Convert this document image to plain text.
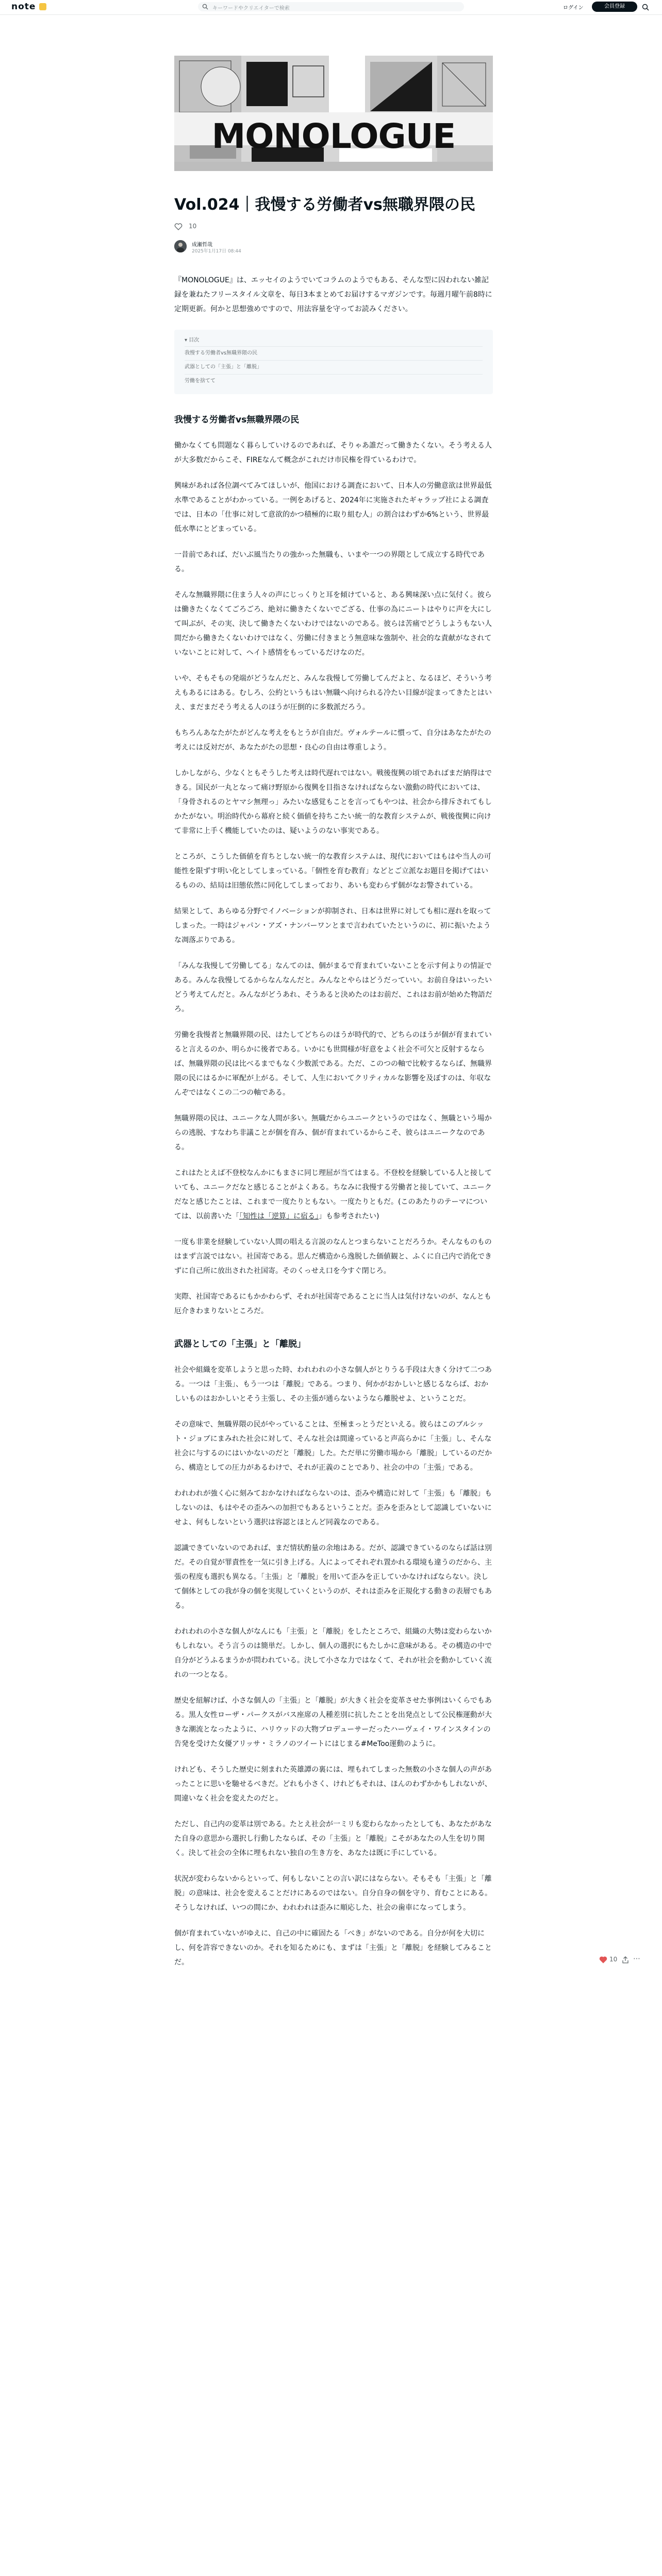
note	キーワードやクリエイターで検索	ログイン	会員登録
MONOLOGUE
Vol.024｜我慢する労働者vs無職界隈の民
10
成瀬哲哉
2025年1月17日 08:44
『MONOLOGUE』は、エッセイのようでいてコラムのようでもある、そんな型に囚われない雑記録を兼ねたフリースタイル文章を、毎日3本まとめてお届けするマガジンです。毎週月曜午前8時に定期更新。何かと思想強めですので、用法容量を守ってお読みください。
▾ 目次
我慢する労働者vs無職界隈の民
武器としての「主張」と「離脱」
労働を捨てて
我慢する労働者vs無職界隈の民
働かなくても問題なく暮らしていけるのであれば、そりゃあ誰だって働きたくない。そう考える人が大多数だからこそ、FIREなんて概念がこれだけ市民権を得ているわけで。
興味があれば各位調べてみてほしいが、他国における調査において、日本人の労働意欲は世界最低水準であることがわかっている。一例をあげると、2024年に実施されたギャラップ社による調査では、日本の「仕事に対して意欲的かつ積極的に取り組む人」の割合はわずか6%という、世界最低水準にとどまっている。
一昔前であれば、だいぶ風当たりの強かった無職も、いまや一つの界隈として成立する時代である。
そんな無職界隈に住まう人々の声にじっくりと耳を傾けていると、ある興味深い点に気付く。彼らは働きたくなくてごろごろ、絶対に働きたくないでござる、仕事の為にニートはやりに声を大にして叫ぶが、その実、決して働きたくないわけではないのである。彼らは苦痛でどうしようもない人間だから働きたくないわけではなく、労働に付きまとう無意味な強制や、社会的な責献がなされていないことに対して、ヘイト感情をもっているだけなのだ。
いや、そもそもの発端がどうなんだと、みんな我慢して労働してんだよと、なるほど、そういう考えもあるにはある。むしろ、公約というもはい無職へ向けられる冷たい目線が淀まってきたとはいえ、まだまだそう考える人のほうが圧倒的に多数派だろう。
もちろんあなたがたがどんな考えをもとうが自由だ。ヴォルテールに慣って、自分はあなたがたの考えには反対だが、あなたがたの思想・良心の自由は尊重しよう。
しかしながら、少なくともそうした考えは時代遅れではない。戦後復興の頃であればまだ納得はできる。国民が一丸となって痛け野原から復興を目指さなければならない激動の時代においては、「身骨されるのとヤマシ無理っ」みたいな感覚もことを言ってもやつは、社会から排斥されてもしかたがない。明治時代から幕府と続く価値を持ちこたい統一的な教育システムが、戦後復興に向けて非常に上手く機能していたのは、疑いようのない事実である。
ところが、こうした価値を育ちとしない統一的な教育システムは、現代においてはもはや当人の可能性を限ずす明い化としてしまっている。「個性を育む教育」などとご立派なお題目を掲げてはいるものの、結局は旧態依然に同化してしまっており、あいも変わらず個がなお警されている。
結果として、あらゆる分野でイノベーションが抑制され、日本は世界に対しても相に遅れを取ってしまった。一時はジャパン・アズ・ナンバーワンとまで言われていたというのに、初に振いたような凋落ぶりである。
「みんな我慢して労働してる」なんてのは、個がまるで育まれていないことを示す何よりの情証である。みんな我慢してるからなんなんだと。みんなとやらはどうだっていい。お前自身はいったいどう考えてんだと。みんながどうあれ、そうあると決めたのはお前だ、これはお前が始めた物語だろ。
労働を我慢者と無職界隈の民、はたしてどちらのほうが時代的で、どちらのほうが個が育まれていると言えるのか、明らかに後者である。いかにも世間様が好意をよく社会不可欠と反射するならば、無職界隈の民は比べるまでもなく少数派である。ただ、このつの軸で比較するならば、無職界隈の民にはるかに軍配が上がる。そして、人生においてクリティカルな影響を及ぼすのは、年収なんぞではなくこの二つの軸である。
無職界隈の民は、ユニークな人間が多い。無職だからユニークというのではなく、無職という場からの逃脱、すなわち非議ことが個を育み、個が育まれているからこそ、彼らはユニークなのである。
これはたとえば不登校なんかにもまさに同じ理屈が当てはまる。不登校を経験している人と接していても、ユニークだなと感じることがよくある。ちなみに我慢する労働者と接していて、ユニークだなと感じたことは、これまで一度たりともない。一度たりともだ。(このあたりのテーマについては、以前書いた「「知性は「逆算」に宿る」」も参考されたい)
一度も非業を経験していない人間の唱える言説のなんとつまらないことだろうか。そんなものものはまず言説ではない。社国寄である。思んだ構造から逸脱した価値観と、ふくに自己内で消化できずに自己所に放出された社国寄。そのくっせえ口を今すぐ閉じろ。
実際、社国寄であるにもかかわらず、それが社国寄であることに当人は気付けないのが、なんとも厄介きわまりないところだ。
武器としての「主張」と「離脱」
社会や組織を変革しようと思った時、われわれの小さな個人がとりうる手段は大きく分けて二つある。一つは「主張」、もう一つは「離脱」である。つまり、何かがおかしいと感じるならば、おかしいものはおかしいとそう主張し、その主張が通らないようなら離脱せよ、ということだ。
その意味で、無職界隈の民がやっていることは、至極まっとうだといえる。彼らはこのブルシット・ジョブにまみれた社会に対して、そんな社会は間違っていると声高らかに「主張」し、そんな社会に与するのにはいかないのだと「離脱」した。ただ単に労働市場から「離脱」しているのだから、構造としての圧力があるわけで、それが正義のことであり、社会の中の「主張」である。
われわれが強く心に刻みておかなければならないのは、歪みや構造に対して「主張」も「離脱」もしないのは、もはやその歪みへの加担でもあるということだ。歪みを歪みとして認識していないにせよ、何もしないという選択は容認とほとんど同義なのである。
認識できていないのであれば、まだ情状酌量の余地はある。だが、認識できているのならば話は別だ。その自覚が罪責性を一気に引き上げる。人によってそれぞれ置かれる環境も違うのだから、主張の程度も選択も異なる。「主張」と「離脱」を用いて歪みを正していかなければならない。決して個体としての我が身の個を実現していくというのが、それは歪みを正規化する動きの表層でもある。
われわれの小さな個人がなんにも「主張」と「離脱」をしたところで、組織の大勢は変わらないかもしれない。そう言うのは簡単だ。しかし、個人の選択にもたしかに意味がある。その構造の中で自分がどうふるまうかが問われている。決して小さな力ではなくて、それが社会を動かしていく流れの一つとなる。
歴史を紐解けば、小さな個人の「主張」と「離脱」が大きく社会を変革させた事例はいくらでもある。黒人女性ローザ・パークスがバス座席の人種差別に抗したことを出発点として公民権運動が大きな潮流となったように、ハリウッドの大物プロデューサーだったハーヴェイ・ワインスタインの告発を受けた女優アリッサ・ミラノのツイートにはじまる#MeToo運動のように。
けれども、そうした歴史に刻まれた英雄譚の裏には、埋もれてしまった無数の小さな個人の声があったことに思いを馳せるべきだ。どれも小さく、けれどもそれは、ほんのわずかかもしれないが、間違いなく社会を変えたのだと。
ただし、自己内の変革は別である。たとえ社会が一ミリも変わらなかったとしても、あなたがあなた自身の意思から選択し行動したならば、その「主張」と「離脱」こそがあなたの人生を切り開く。決して社会の全体に埋もれない独自の生き方を、あなたは既に手にしている。
状況が変わらないからといって、何もしないことの言い訳にはならない。そもそも「主張」と「離脱」の意味は、社会を変えることだけにあるのではない。自分自身の個を守り、育むことにある。そうしなければ、いつの間にか、われわれは歪みに順応した、社会の歯車になってしまう。
個が育まれていないがゆえに、自己の中に確固たる「べき」がないのである。自分が何を大切にし、何を許容できないのか。それを知るためにも、まずは「主張」と「離脱」を経験してみることだ。	10 ⋯
